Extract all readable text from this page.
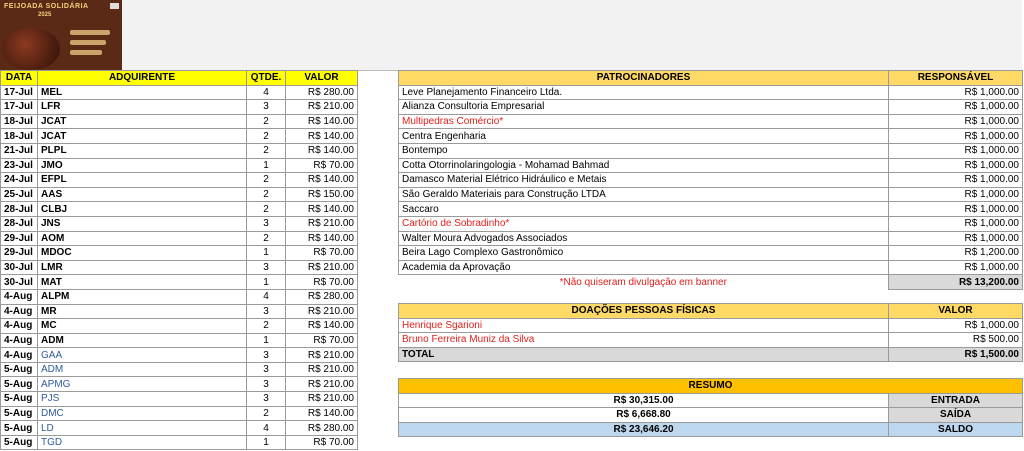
FEIJOADA SOLIDÁRIA
2025
DATA	ADQUIRENTE	QTDE.	VALOR
17-Jul	MEL	4	R$ 280.00
17-Jul	LFR	3	R$ 210.00
18-Jul	JCAT	2	R$ 140.00
18-Jul	JCAT	2	R$ 140.00
21-Jul	PLPL	2	R$ 140.00
23-Jul	JMO	1	R$ 70.00
24-Jul	EFPL	2	R$ 140.00
25-Jul	AAS	2	R$ 150.00
28-Jul	CLBJ	2	R$ 140.00
28-Jul	JNS	3	R$ 210.00
29-Jul	AOM	2	R$ 140.00
29-Jul	MDOC	1	R$ 70.00
30-Jul	LMR	3	R$ 210.00
30-Jul	MAT	1	R$ 70.00
4-Aug	ALPM	4	R$ 280.00
4-Aug	MR	3	R$ 210.00
4-Aug	MC	2	R$ 140.00
4-Aug	ADM	1	R$ 70.00
4-Aug	GAA	3	R$ 210.00
5-Aug	ADM	3	R$ 210.00
5-Aug	APMG	3	R$ 210.00
5-Aug	PJS	3	R$ 210.00
5-Aug	DMC	2	R$ 140.00
5-Aug	LD	4	R$ 280.00
5-Aug	TGD	1	R$ 70.00
PATROCINADORES	RESPONSÁVEL
Leve Planejamento Financeiro Ltda.	R$ 1,000.00
Alianza Consultoria Empresarial	R$ 1,000.00
Multipedras Comércio*	R$ 1,000.00
Centra Engenharia	R$ 1,000.00
Bontempo	R$ 1,000.00
Cotta Otorrinolaringologia - Mohamad Bahmad	R$ 1,000.00
Damasco Material Elétrico Hidráulico e Metais	R$ 1,000.00
São Geraldo Materiais para Construção LTDA	R$ 1,000.00
Saccaro	R$ 1,000.00
Cartório de Sobradinho*	R$ 1,000.00
Walter Moura Advogados Associados	R$ 1,000.00
Beira Lago Complexo Gastronômico	R$ 1,200.00
Academia da Aprovação	R$ 1,000.00
*Não quiseram divulgação em banner	R$ 13,200.00
DOAÇÕES PESSOAS FÍSICAS	VALOR
Henrique Sgarioni	R$ 1,000.00
Bruno Ferreira Muniz da Silva	R$ 500.00
TOTAL	R$ 1,500.00
RESUMO	
R$ 30,315.00	ENTRADA
R$ 6,668.80	SAÍDA
R$ 23,646.20	SALDO
